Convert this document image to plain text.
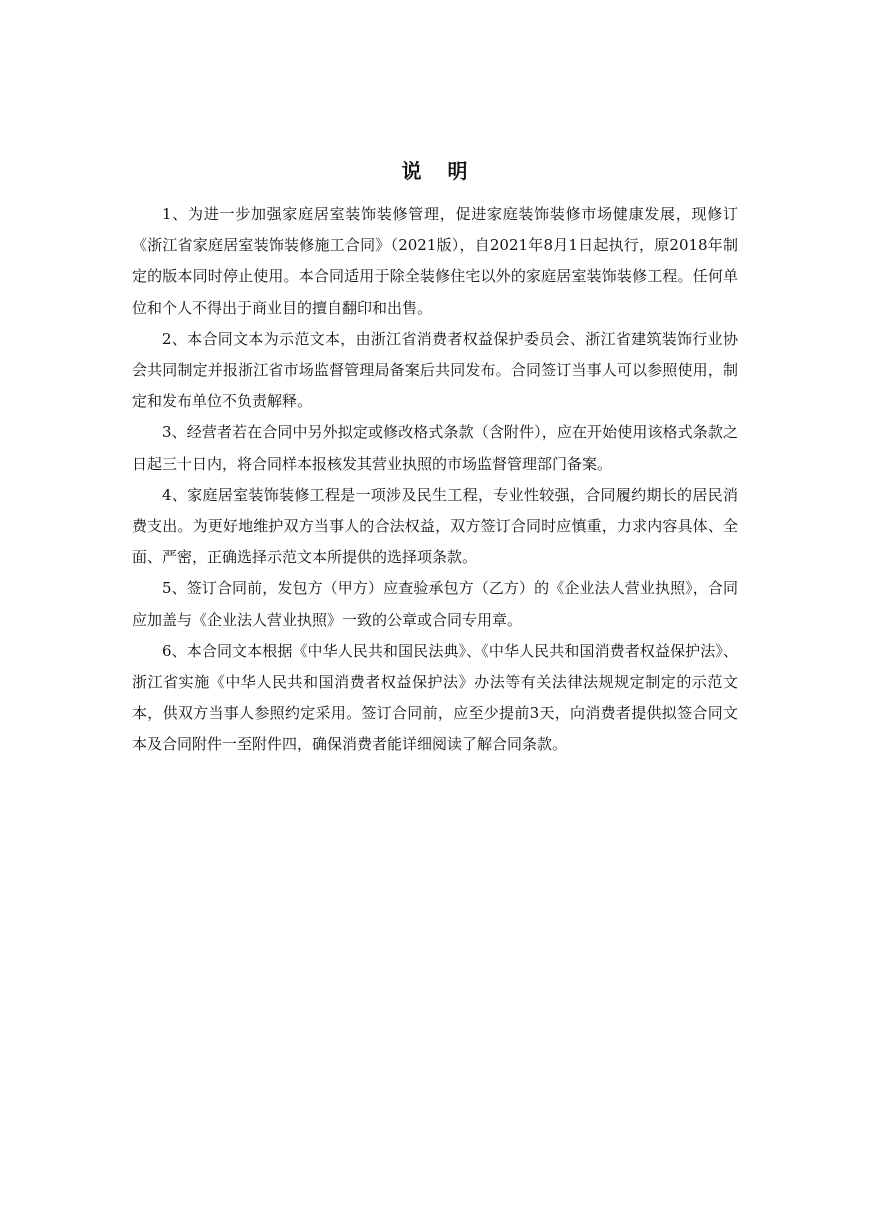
说明

1、为进一步加强家庭居室装饰装修管理，促进家庭装饰装修市场健康发展，现修订《浙江省家庭居室装饰装修施工合同》（2021版），自2021年8月1日起执行，原2018年制定的版本同时停止使用。本合同适用于除全装修住宅以外的家庭居室装饰装修工程。任何单位和个人不得出于商业目的擅自翻印和出售。

2、本合同文本为示范文本，由浙江省消费者权益保护委员会、浙江省建筑装饰行业协会共同制定并报浙江省市场监督管理局备案后共同发布。合同签订当事人可以参照使用，制定和发布单位不负责解释。

3、经营者若在合同中另外拟定或修改格式条款（含附件），应在开始使用该格式条款之日起三十日内，将合同样本报核发其营业执照的市场监督管理部门备案。

4、家庭居室装饰装修工程是一项涉及民生工程，专业性较强，合同履约期长的居民消费支出。为更好地维护双方当事人的合法权益，双方签订合同时应慎重，力求内容具体、全面、严密，正确选择示范文本所提供的选择项条款。

5、签订合同前，发包方（甲方）应查验承包方（乙方）的《企业法人营业执照》，合同应加盖与《企业法人营业执照》一致的公章或合同专用章。

6、本合同文本根据《中华人民共和国民法典》、《中华人民共和国消费者权益保护法》、浙江省实施《中华人民共和国消费者权益保护法》办法等有关法律法规规定制定的示范文本，供双方当事人参照约定采用。签订合同前，应至少提前3天，向消费者提供拟签合同文本及合同附件一至附件四，确保消费者能详细阅读了解合同条款。
